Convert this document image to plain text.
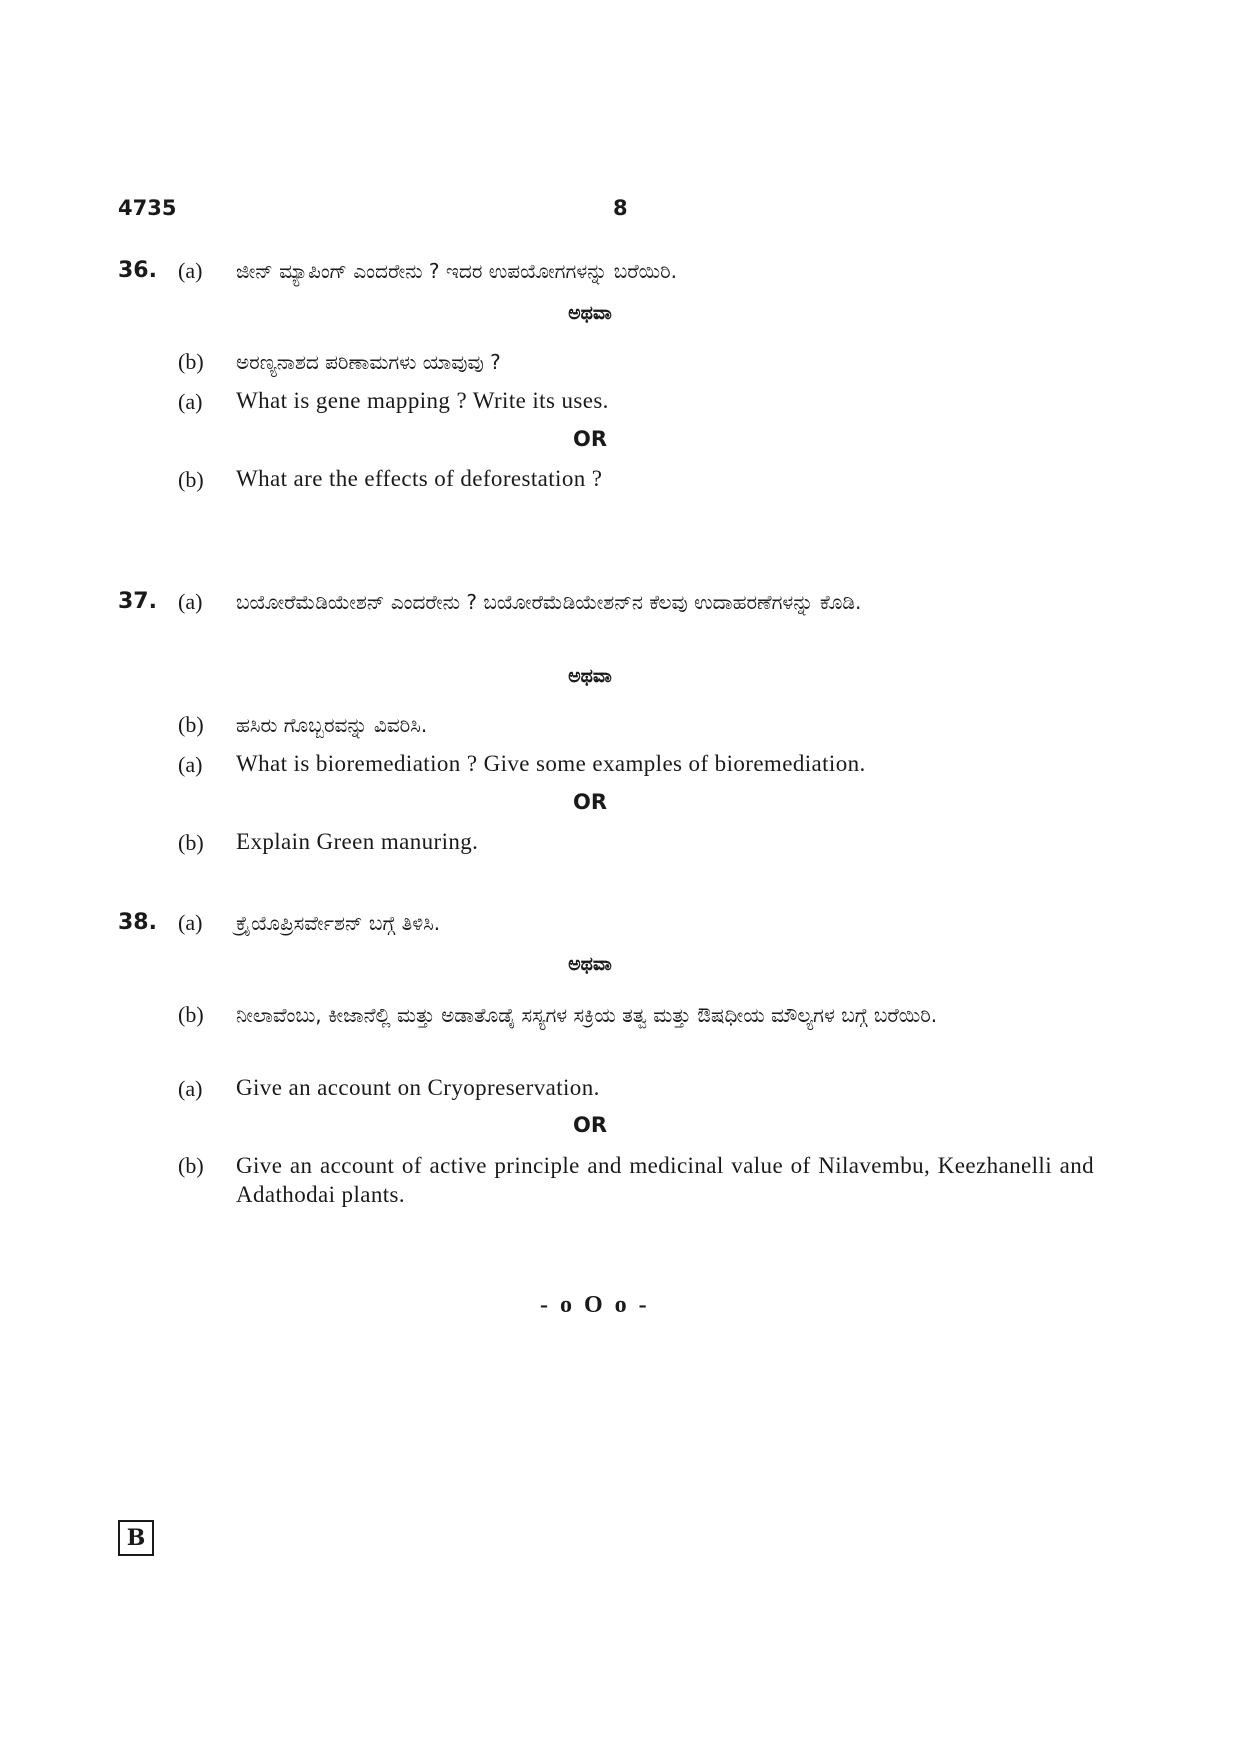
4735	8
36. (a) ಜೀನ್ ಮ್ಯಾಪಿಂಗ್ ಎಂದರೇನು ? ಇದರ ಉಪಯೋಗಗಳನ್ನು ಬರೆಯಿರಿ.
ಅಥವಾ
(b) ಅರಣ್ಯನಾಶದ ಪರಿಣಾಮಗಳು ಯಾವುವು ?
(a) What is gene mapping ? Write its uses.
OR
(b) What are the effects of deforestation ?
37. (a) ಬಯೋರೆಮೆಡಿಯೇಶನ್ ಎಂದರೇನು ? ಬಯೋರೆಮೆಡಿಯೇಶನ್‌ನ ಕೆಲವು ಉದಾಹರಣೆಗಳನ್ನು ಕೊಡಿ.
ಅಥವಾ
(b) ಹಸಿರು ಗೊಬ್ಬರವನ್ನು ವಿವರಿಸಿ.
(a) What is bioremediation ? Give some examples of bioremediation.
OR
(b) Explain Green manuring.
38. (a) ಕ್ರೈಯೊಪ್ರಿಸರ್ವೇಶನ್ ಬಗ್ಗೆ ತಿಳಿಸಿ.
ಅಥವಾ
(b) ನೀಲಾವೆಂಬು, ಕೀಜಾನೆಲ್ಲಿ ಮತ್ತು ಅಡಾತೊಡೈ ಸಸ್ಯಗಳ ಸಕ್ರಿಯ ತತ್ವ ಮತ್ತು ಔಷಧೀಯ ಮೌಲ್ಯಗಳ ಬಗ್ಗೆ ಬರೆಯಿರಿ.
(a) Give an account on Cryopreservation.
OR
(b) Give an account of active principle and medicinal value of Nilavembu, Keezhanelli and Adathodai plants.
- o O o -
B
